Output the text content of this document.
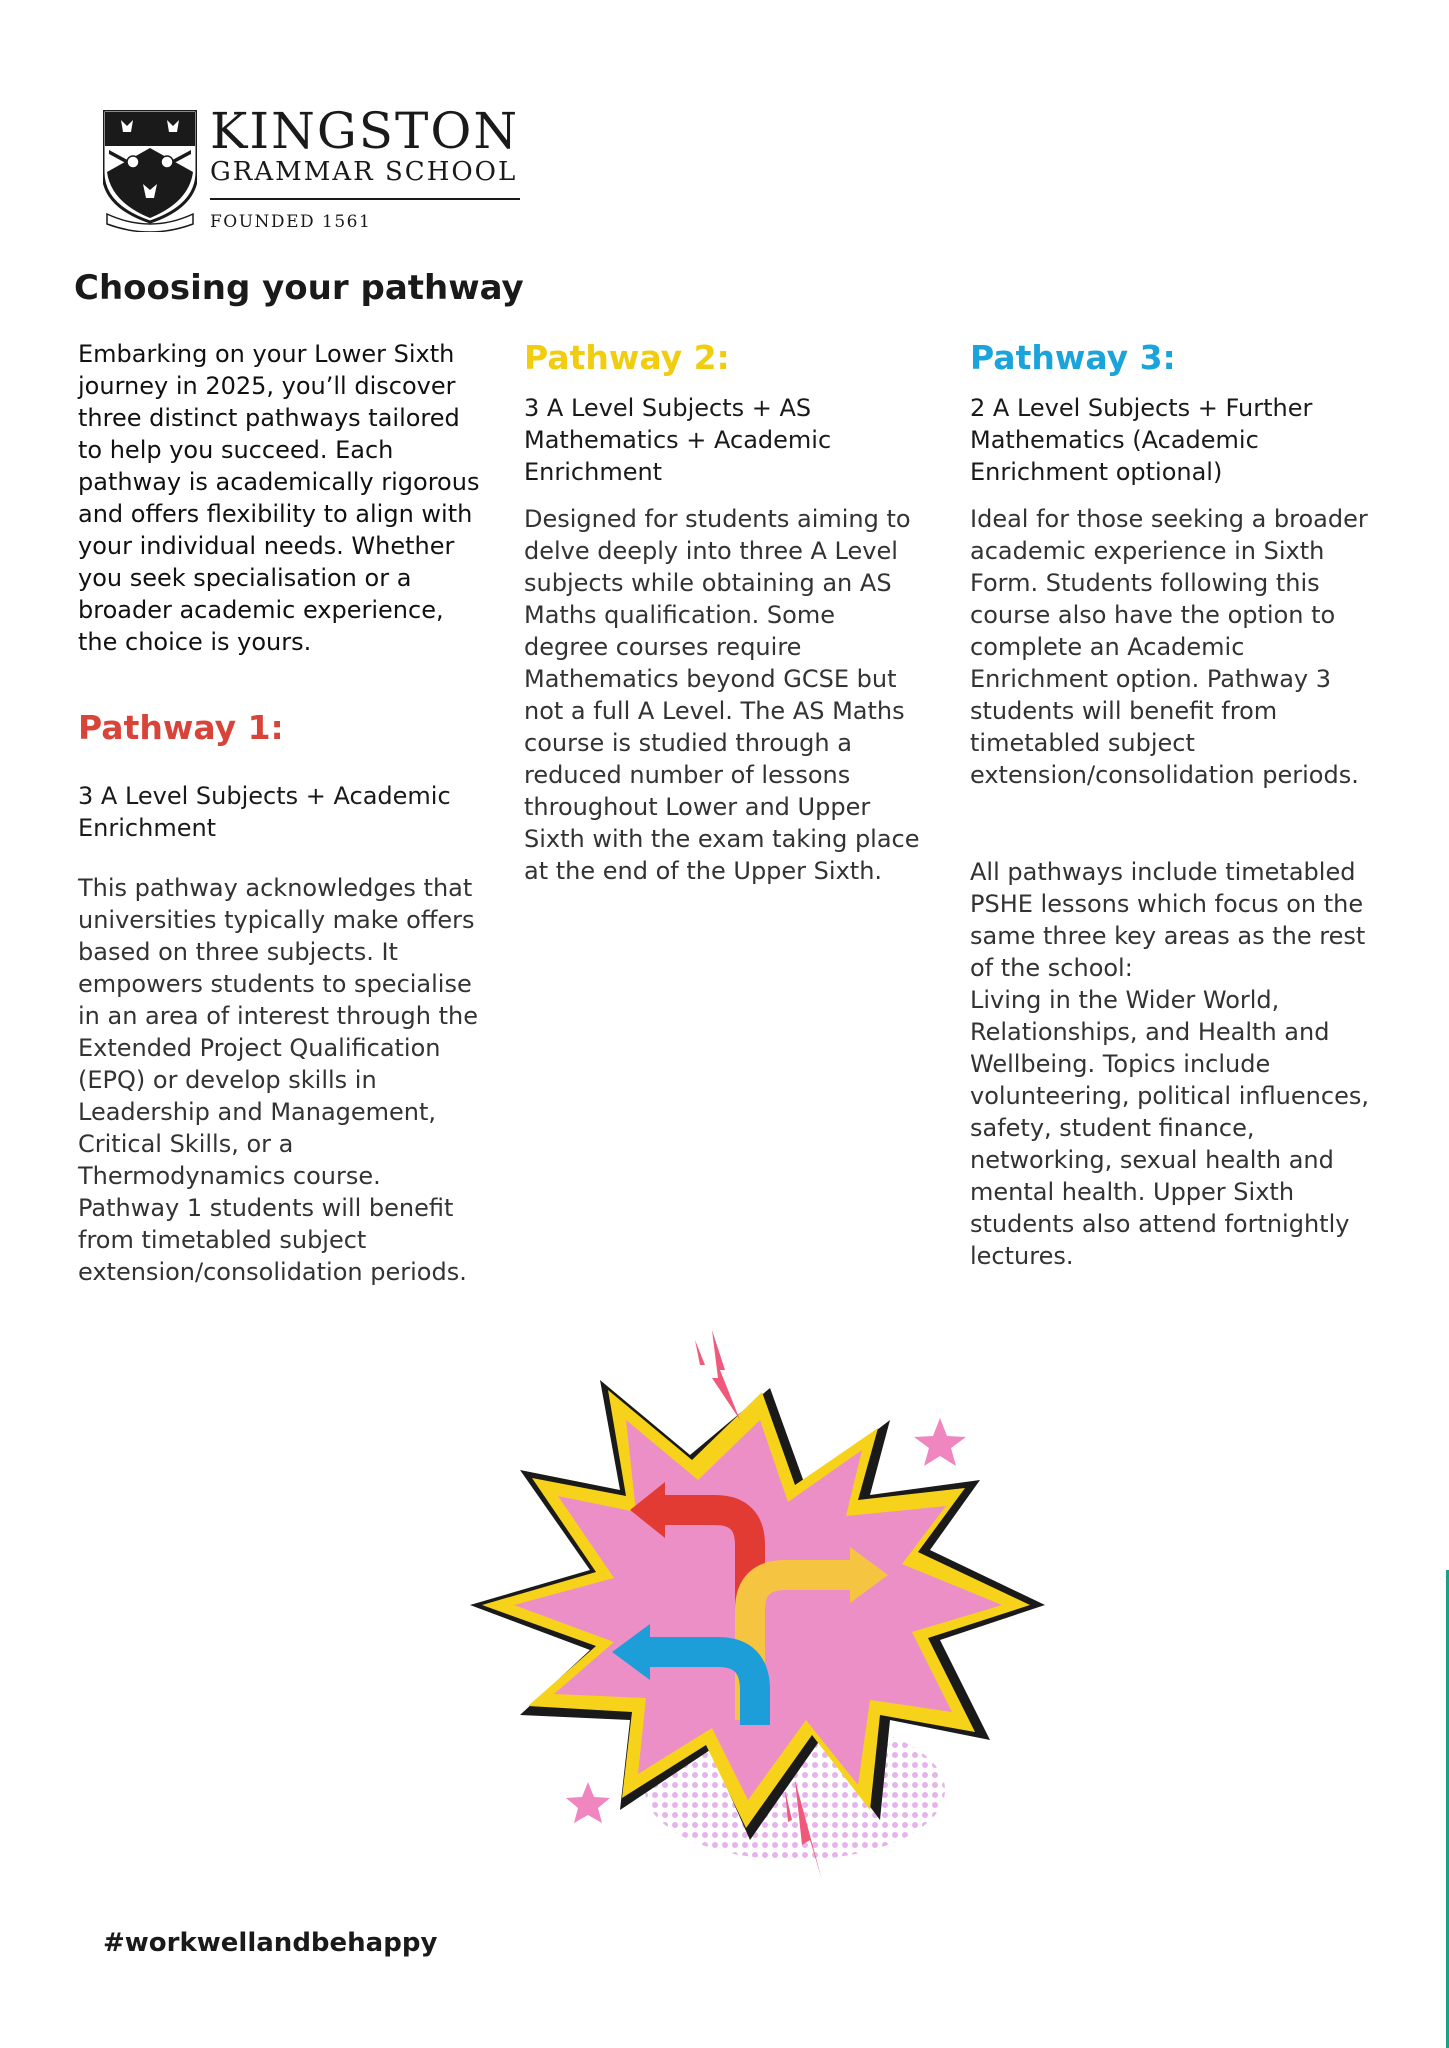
KINGSTON
GRAMMAR SCHOOL
FOUNDED 1561
Choosing your pathway

Embarking on your Lower Sixth journey in 2025, you’ll discover three distinct pathways tailored to help you succeed. Each pathway is academically rigorous and offers flexibility to align with your individual needs. Whether you seek specialisation or a broader academic experience, the choice is yours.

Pathway 1:

3 A Level Subjects + Academic Enrichment

This pathway acknowledges that universities typically make offers based on three subjects. It empowers students to specialise in an area of interest through the Extended Project Qualification (EPQ) or develop skills in Leadership and Management, Critical Skills, or a Thermodynamics course. Pathway 1 students will benefit from timetabled subject extension/consolidation periods.

Pathway 2:

3 A Level Subjects + AS Mathematics + Academic Enrichment

Designed for students aiming to delve deeply into three A Level subjects while obtaining an AS Maths qualification. Some degree courses require Mathematics beyond GCSE but not a full A Level. The AS Maths course is studied through a reduced number of lessons throughout Lower and Upper Sixth with the exam taking place at the end of the Upper Sixth.

Pathway 3:

2 A Level Subjects + Further Mathematics (Academic Enrichment optional)

Ideal for those seeking a broader academic experience in Sixth Form. Students following this course also have the option to complete an Academic Enrichment option. Pathway 3 students will benefit from timetabled subject extension/consolidation periods.

All pathways include timetabled PSHE lessons which focus on the same three key areas as the rest of the school:

Living in the Wider World, Relationships, and Health and Wellbeing. Topics include volunteering, political influences, safety, student finance, networking, sexual health and mental health. Upper Sixth students also attend fortnightly lectures.

#workwellandbehappy
